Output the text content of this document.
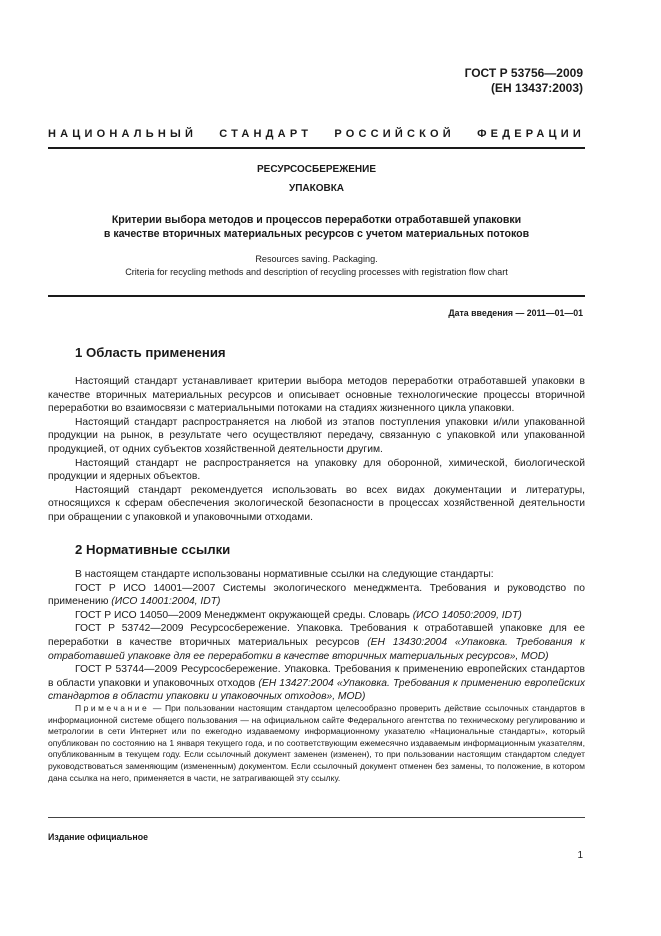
ГОСТ Р 53756—2009
(ЕН 13437:2003)
НАЦИОНАЛЬНЫЙ СТАНДАРТ РОССИЙСКОЙ ФЕДЕРАЦИИ
РЕСУРСОСБЕРЕЖЕНИЕ
УПАКОВКА
Критерии выбора методов и процессов переработки отработавшей упаковки
в качестве вторичных материальных ресурсов с учетом материальных потоков
Resources saving. Packaging.
Criteria for recycling methods and description of recycling processes with registration flow chart
Дата введения — 2011—01—01
1 Область применения

Настоящий стандарт устанавливает критерии выбора методов переработки отработавшей упаковки в качестве вторичных материальных ресурсов и описывает основные технологические процессы вторичной переработки во взаимосвязи с материальными потоками на стадиях жизненного цикла упаковки.

Настоящий стандарт распространяется на любой из этапов поступления упаковки и/или упакованной продукции на рынок, в результате чего осуществляют передачу, связанную с упаковкой или упакованной продукцией, от одних субъектов хозяйственной деятельности другим.

Настоящий стандарт не распространяется на упаковку для оборонной, химической, биологической продукции и ядерных объектов.

Настоящий стандарт рекомендуется использовать во всех видах документации и литературы, относящихся к сферам обеспечения экологической безопасности в процессах хозяйственной деятельности при обращении с упаковкой и упаковочными отходами.

2 Нормативные ссылки

В настоящем стандарте использованы нормативные ссылки на следующие стандарты:

ГОСТ Р ИСО 14001—2007 Системы экологического менеджмента. Требования и руководство по применению (ИСО 14001:2004, IDT)

ГОСТ Р ИСО 14050—2009 Менеджмент окружающей среды. Словарь (ИСО 14050:2009, IDT)

ГОСТ Р 53742—2009 Ресурсосбережение. Упаковка. Требования к отработавшей упаковке для ее переработки в качестве вторичных материальных ресурсов (ЕН 13430:2004 «Упаковка. Требования к отработавшей упаковке для ее переработки в качестве вторичных материальных ресурсов», MOD)

ГОСТ Р 53744—2009 Ресурсосбережение. Упаковка. Требования к применению европейских стандартов в области упаковки и упаковочных отходов (ЕН 13427:2004 «Упаковка. Требования к применению европейских стандартов в области упаковки и упаковочных отходов», MOD)

Примечание — При пользовании настоящим стандартом целесообразно проверить действие ссылочных стандартов в информационной системе общего пользования — на официальном сайте Федерального агентства по техническому регулированию и метрологии в сети Интернет или по ежегодно издаваемому информационному указателю «Национальные стандарты», который опубликован по состоянию на 1 января текущего года, и по соответствующим ежемесячно издаваемым информационным указателям, опубликованным в текущем году. Если ссылочный документ заменен (изменен), то при пользовании настоящим стандартом следует руководствоваться заменяющим (измененным) документом. Если ссылочный документ отменен без замены, то положение, в котором дана ссылка на него, применяется в части, не затрагивающей эту ссылку.

Издание официальное
1
